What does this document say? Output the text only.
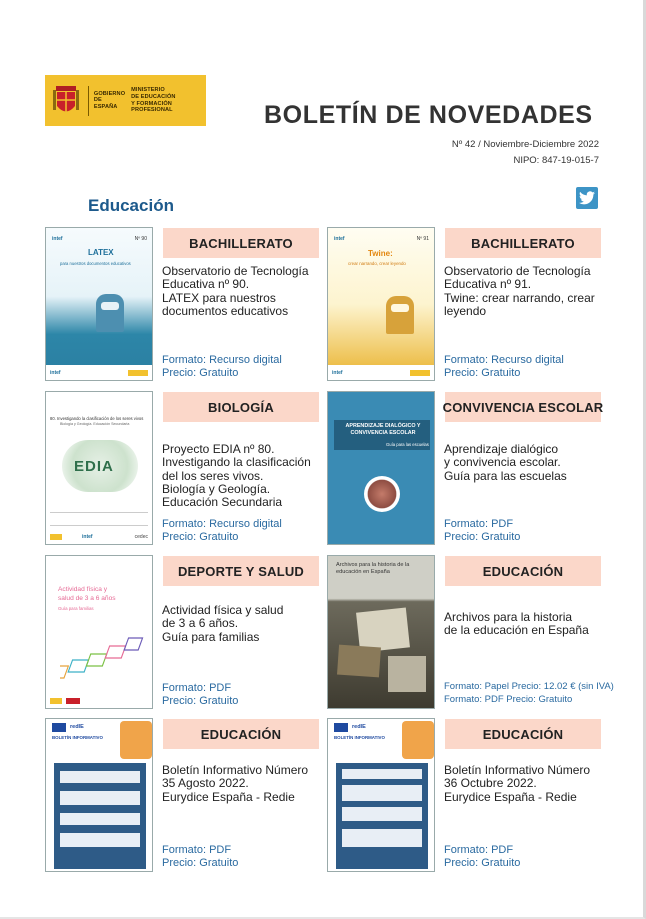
GOBIERNO
DE ESPAÑA
MINISTERIO
DE EDUCACIÓN
Y FORMACIÓN PROFESIONAL	BOLETÍN DE NOVEDADES
Nº 42 / Noviembre-Diciembre 2022
NIPO: 847-19-015-7
Educación
intef	Nº 90
LATEX
para nuestros documentos educativos
intef
BACHILLERATO
Observatorio de Tecnología
Educativa nº 90.
LATEX para nuestros
documentos educativos
Formato: Recurso digital
Precio: Gratuito
intef	Nº 91
Twine:
crear narrando, crear leyendo
intef
BACHILLERATO
Observatorio de Tecnología
Educativa nº 91.
Twine: crear narrando, crear
leyendo
Formato: Recurso digital
Precio: Gratuito
80. Investigando la clasificación de los seres vivos
Biología y Geología. Educación Secundaria
EDIA
intef	cedec
BIOLOGÍA
Proyecto EDIA nº 80.
Investigando la clasificación
del los seres vivos.
Biología y Geología.
Educación Secundaria
Formato: Recurso digital
Precio: Gratuito
APRENDIZAJE DIALÓGICO Y CONVIVENCIA ESCOLAR
Guía para las escuelas
CONVIVENCIA ESCOLAR
Aprendizaje dialógico
y convivencia escolar.
Guía para las escuelas
Formato: PDF
Precio: Gratuito
Actividad física y
salud de 3 a 6 años
Guía para familias
DEPORTE Y SALUD
Actividad física y salud
de 3 a 6 años.
Guía para familias
Formato: PDF
Precio: Gratuito
Archivos para la historia de la educación en España	EDUCACIÓN
Archivos para la historia
de la educación en España
Formato: Papel Precio: 12.02 € (sin IVA)
Formato: PDF Precio: Gratuito
redIE
BOLETÍN INFORMATIVO	EDUCACIÓN
Boletín Informativo Número
35 Agosto 2022.
Eurydice España - Redie
Formato: PDF
Precio: Gratuito
redIE
BOLETÍN INFORMATIVO	EDUCACIÓN
Boletín Informativo Número
36 Octubre 2022.
Eurydice España - Redie
Formato: PDF
Precio: Gratuito
